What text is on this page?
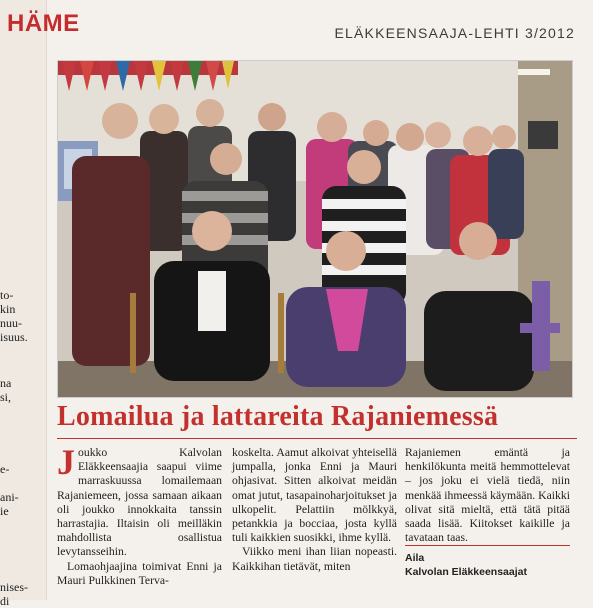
to-
kin
nuu-
isuus.
na
si,
e-
ani-
ie
nises-
di
HÄME	ELÄKKEENSAAJA-LEHTI 3/2012
Lomailua ja lattareita Rajaniemessä

Joukko Kalvolan Eläkkeensaajia saapui viime marraskuussa lomailemaan Rajaniemeen, jossa samaan aikaan oli joukko innokkaita tanssin harrastajia. Iltaisin oli meilläkin mahdollista osallistua levytansseihin.

Lomaohjaajina toimivat Enni ja Mauri Pulkkinen Terva-

koskelta. Aamut alkoivat yhteisellä jumpalla, jonka Enni ja Mauri ohjasivat. Sitten alkoivat meidän omat jutut, tasapainoharjoitukset ja ulkopelit. Pelattiin mölkkyä, petankkia ja bocciaa, josta kyllä tuli kaikkien suosikki, ihme kyllä.

Viikko meni ihan liian nopeasti. Kaikkihan tietävät, miten

Rajaniemen emäntä ja henkilökunta meitä hemmottelevat – jos joku ei vielä tiedä, niin menkää ihmeessä käymään. Kaikki olivat sitä mieltä, että tätä pitää saada lisää. Kiitokset kaikille ja tavataan taas.

Aila
Kalvolan Eläkkeensaajat
